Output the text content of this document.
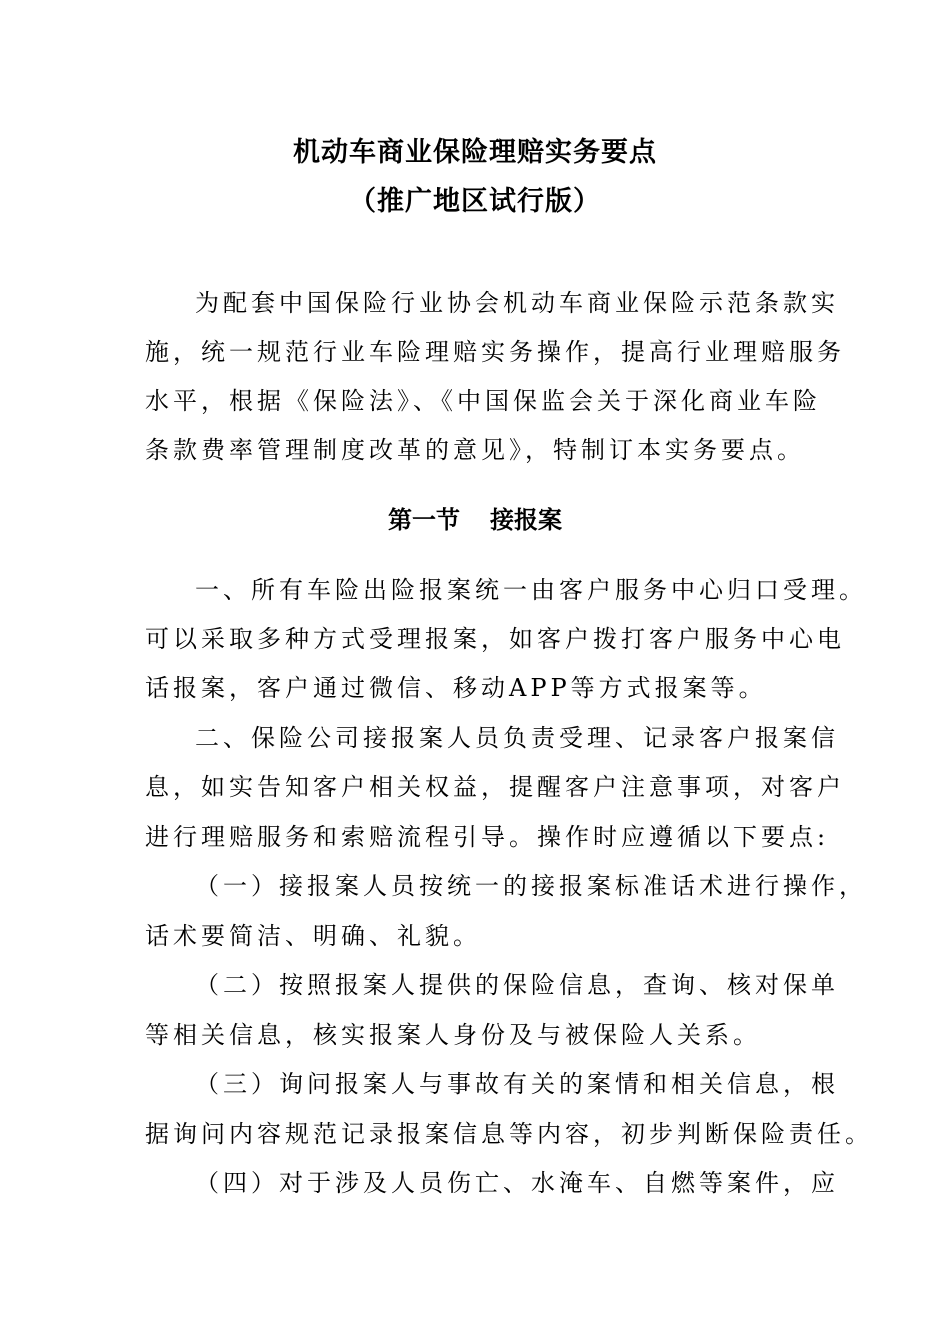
机动车商业保险理赔实务要点
（推广地区试行版）
为配套中国保险行业协会机动车商业保险示范条款实
施，统一规范行业车险理赔实务操作，提高行业理赔服务
水平，根据《保险法》、《中国保监会关于深化商业车险
条款费率管理制度改革的意见》，特制订本实务要点。
第一节 接报案
一、所有车险出险报案统一由客户服务中心归口受理。
可以采取多种方式受理报案，如客户拨打客户服务中心电
话报案，客户通过微信、移动APP等方式报案等。
二、保险公司接报案人员负责受理、记录客户报案信
息，如实告知客户相关权益，提醒客户注意事项，对客户
进行理赔服务和索赔流程引导。操作时应遵循以下要点:
（一）接报案人员按统一的接报案标准话术进行操作，
话术要简洁、明确、礼貌。
（二）按照报案人提供的保险信息，查询、核对保单
等相关信息，核实报案人身份及与被保险人关系。
（三）询问报案人与事故有关的案情和相关信息，根
据询问内容规范记录报案信息等内容，初步判断保险责任。
（四）对于涉及人员伤亡、水淹车、自燃等案件，应
